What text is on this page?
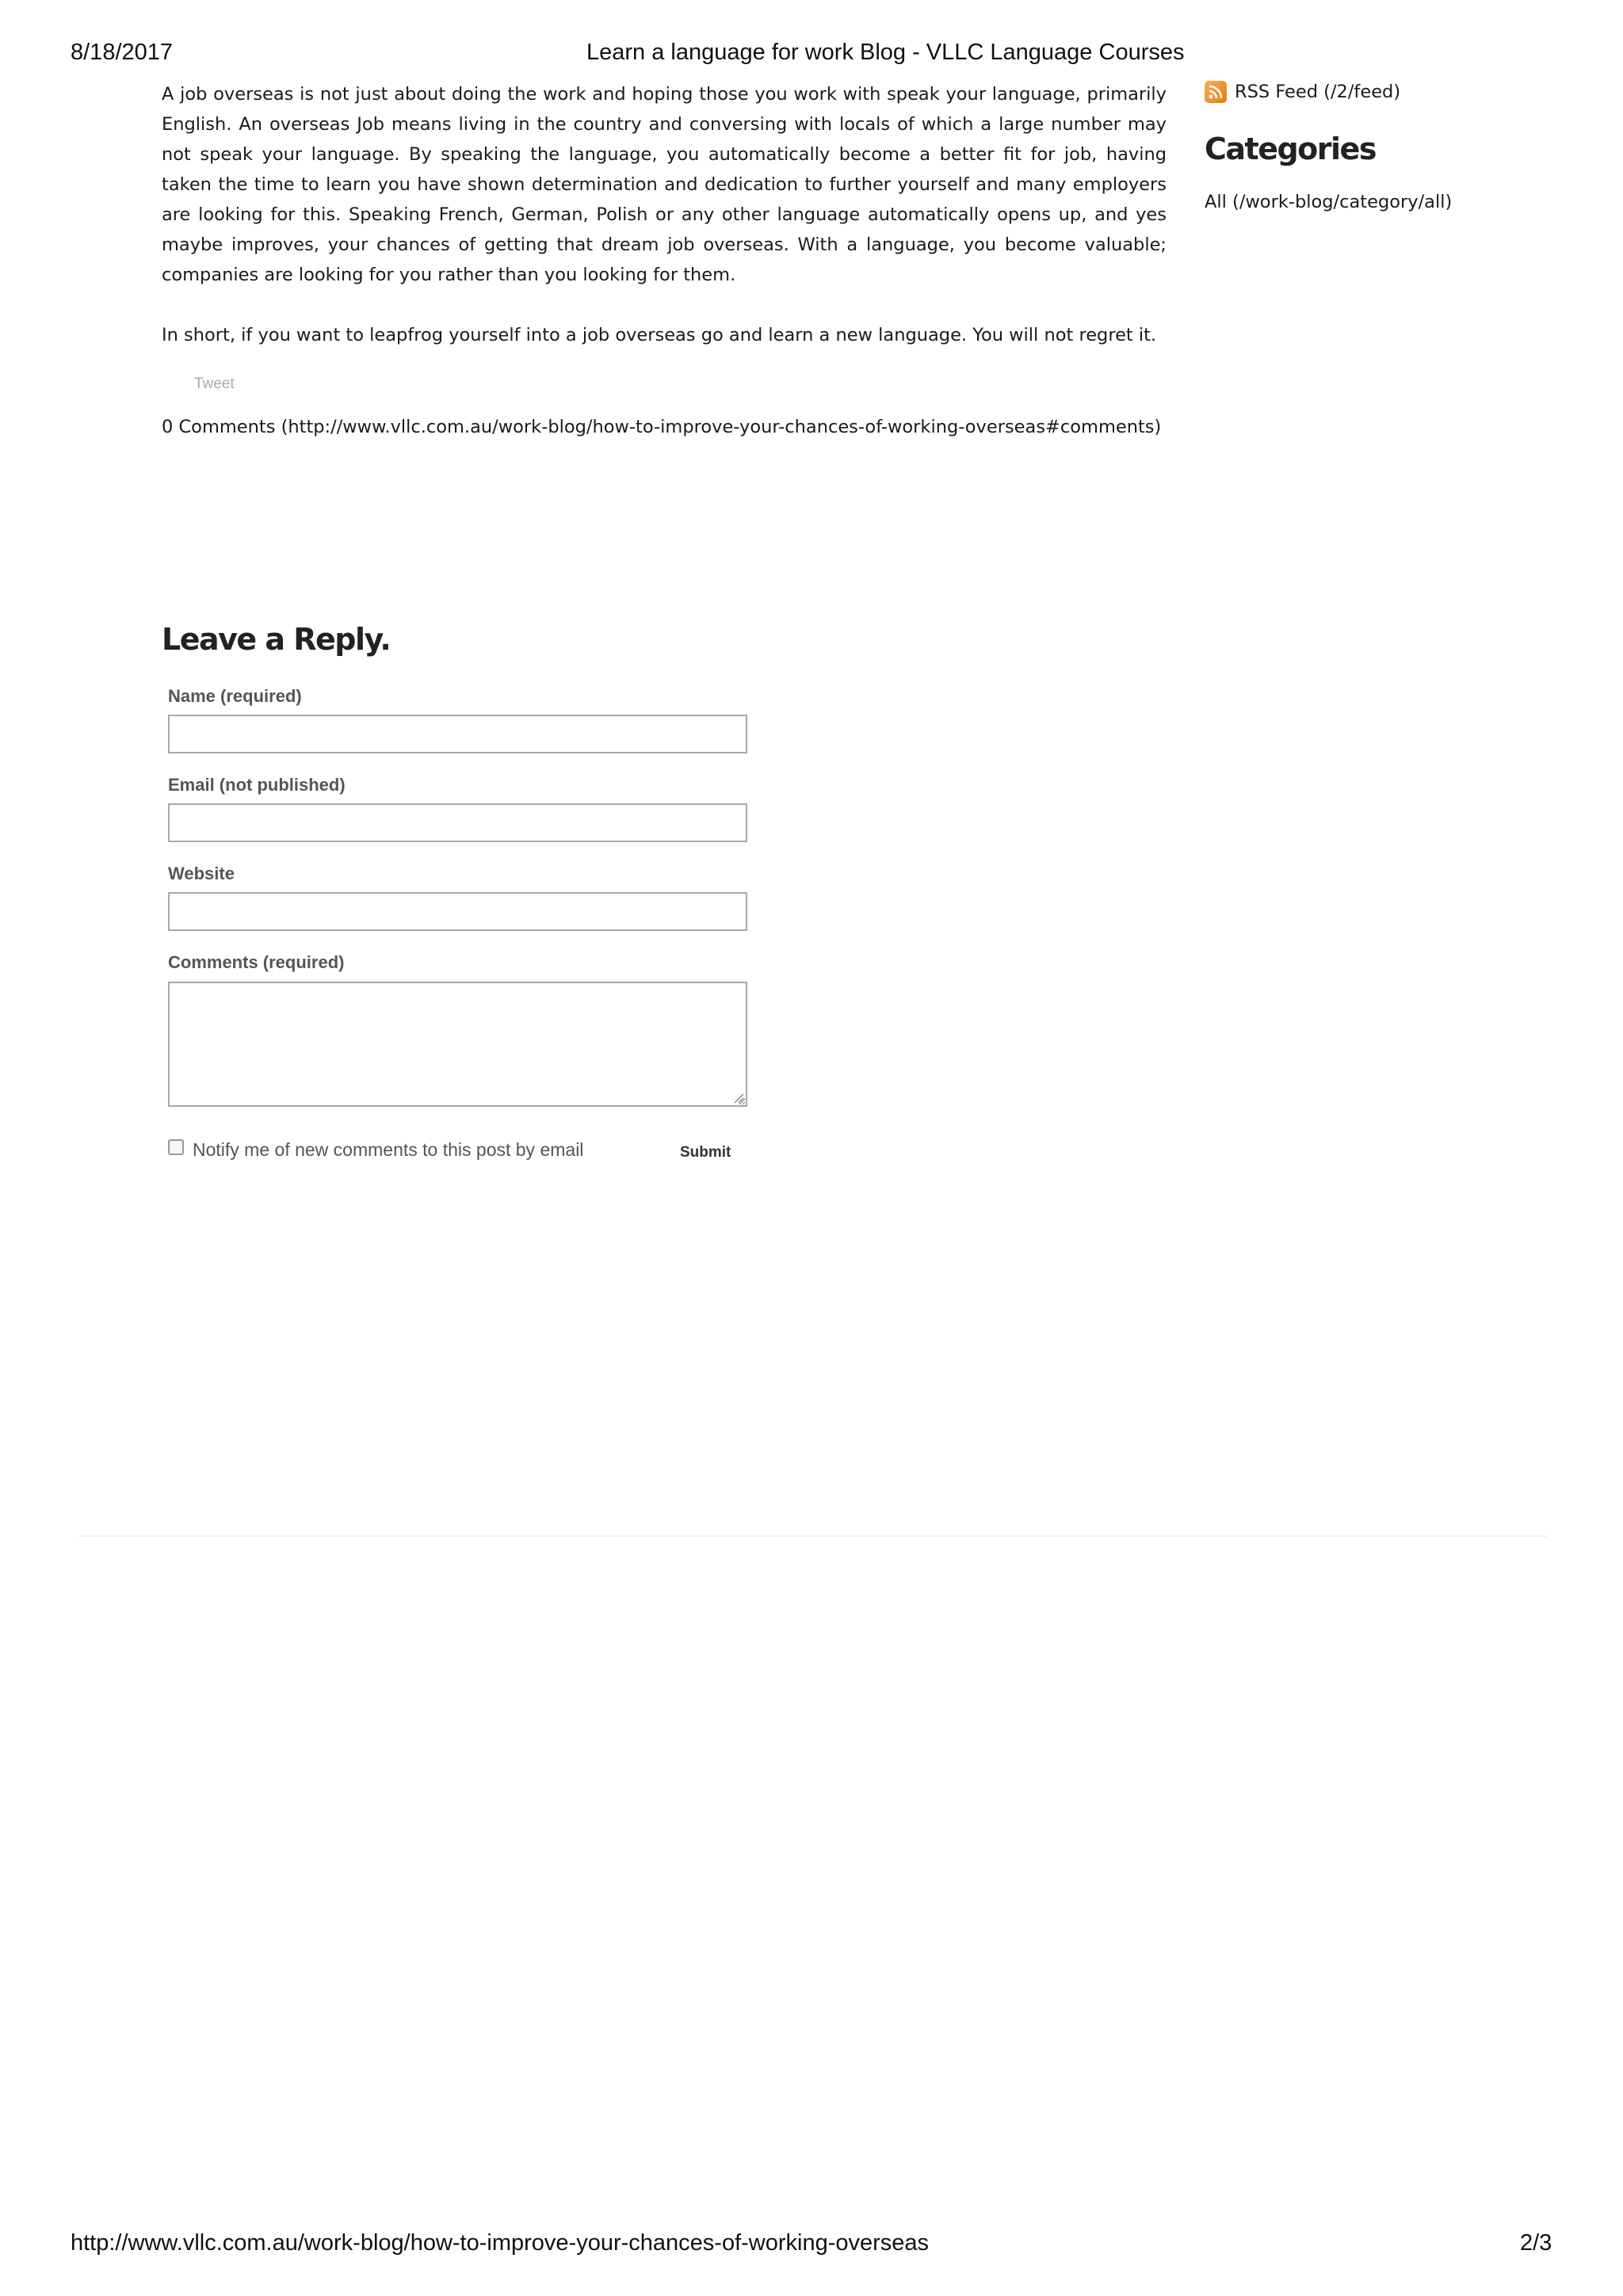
8/18/2017	Learn a language for work Blog - VLLC Language Courses

A job overseas is not just about doing the work and hoping those you work with speak your language, primarily English. An overseas Job means living in the country and conversing with locals of which a large number may not speak your language. By speaking the language, you automatically become a better fit for job, having taken the time to learn you have shown determination and dedication to further yourself and many employers are looking for this. Speaking French, German, Polish or any other language automatically opens up, and yes maybe improves, your chances of getting that dream job overseas. With a language, you become valuable; companies are looking for you rather than you looking for them.

In short, if you want to leapfrog yourself into a job overseas go and learn a new language. You will not regret it.

Tweet
0 Comments (http://www.vllc.com.au/work-blog/how-to-improve-your-chances-of-working-overseas#comments)
Leave a Reply.
Name (required)
Email (not published)
Website
Comments (required)
Notify me of new comments to this post by email	Submit
RSS Feed (/2/feed)
Categories
All (/work-blog/category/all)
http://www.vllc.com.au/work-blog/how-to-improve-your-chances-of-working-overseas	2/3
